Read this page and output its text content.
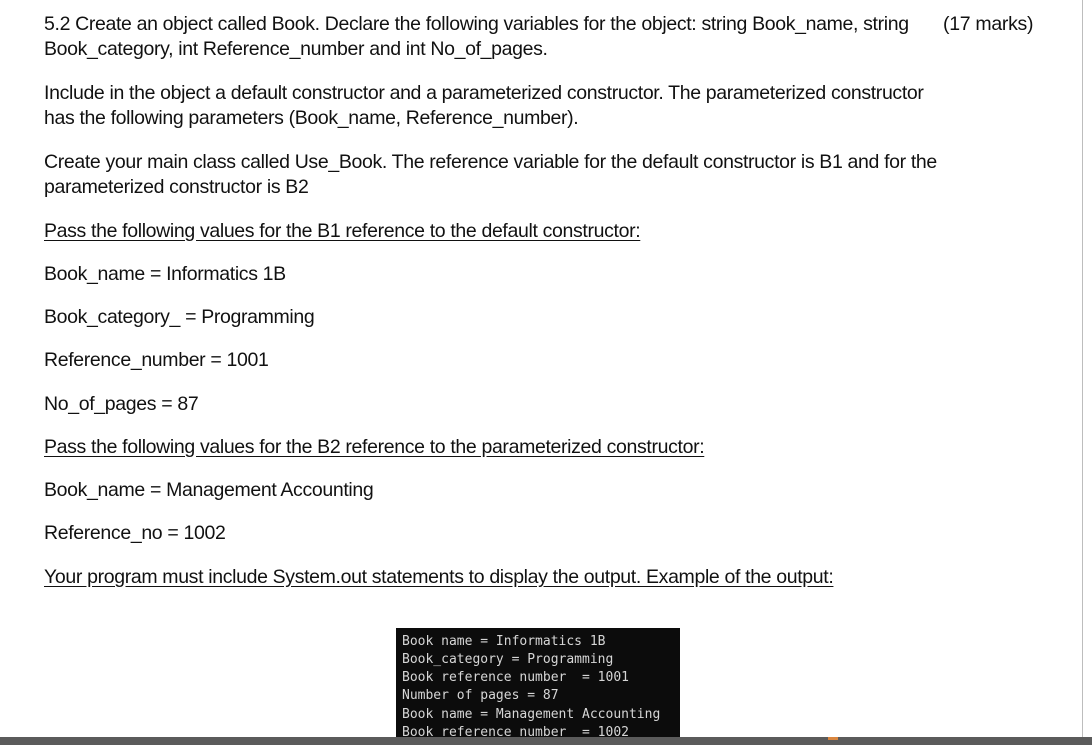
5.2 Create an object called Book. Declare the following variables for the object: string Book_name, string (17 marks)
Book_category, int Reference_number and int No_of_pages.
Include in the object a default constructor and a parameterized constructor. The parameterized constructor
has the following parameters (Book_name, Reference_number).
Create your main class called Use_Book. The reference variable for the default constructor is B1 and for the
parameterized constructor is B2
Pass the following values for the B1 reference to the default constructor:
Book_name = Informatics 1B
Book_category_ = Programming
Reference_number = 1001
No_of_pages = 87
Pass the following values for the B2 reference to the parameterized constructor:
Book_name = Management Accounting
Reference_no = 1002
Your program must include System.out statements to display the output. Example of the output:
Book name = Informatics 1B
Book_category = Programming
Book reference number  = 1001
Number of pages = 87
Book name = Management Accounting
Book reference number  = 1002
